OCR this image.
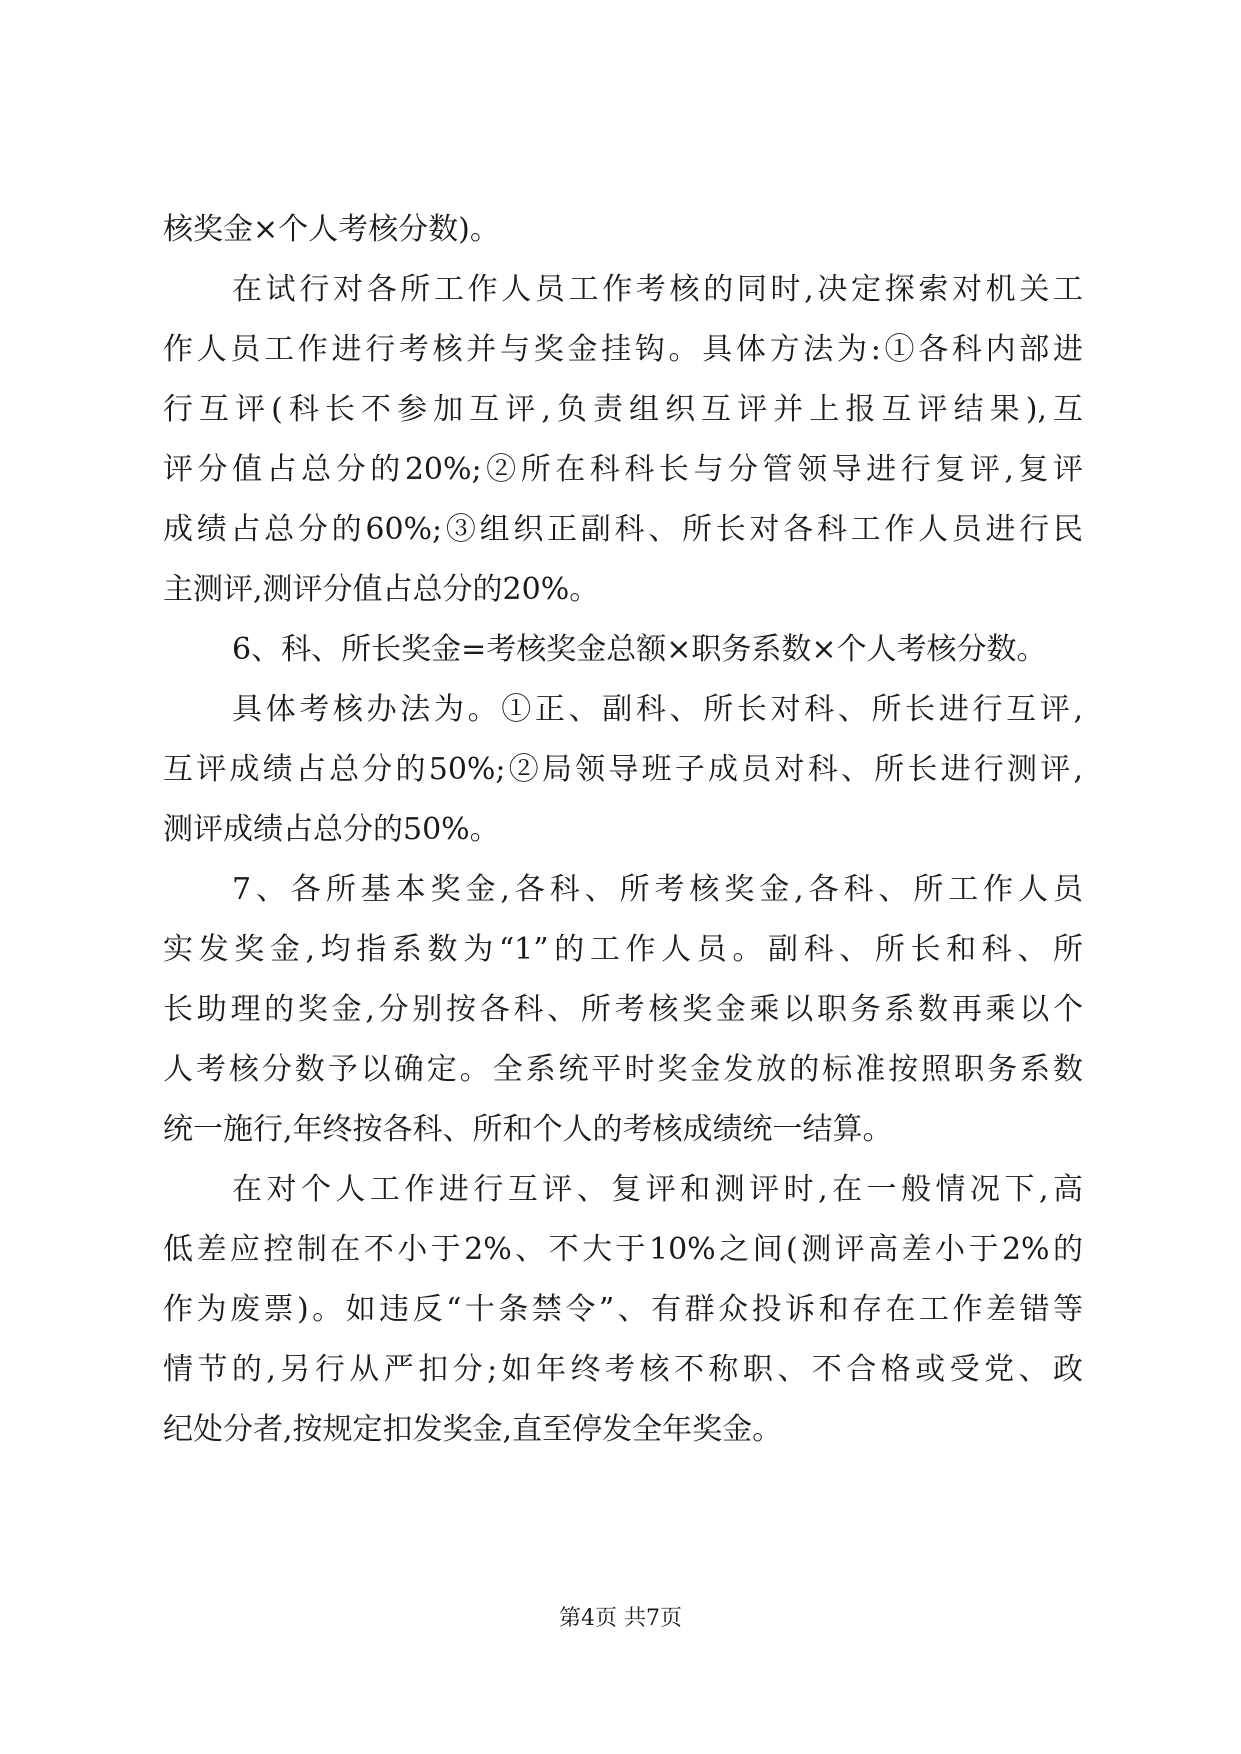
核奖金×个人考核分数)。
在试行对各所工作人员工作考核的同时,决定探索对机关工
作人员工作进行考核并与奖金挂钩。具体方法为:①各科内部进
行互评(科长不参加互评,负责组织互评并上报互评结果),互
评分值占总分的20%;②所在科科长与分管领导进行复评,复评
成绩占总分的60%;③组织正副科、所长对各科工作人员进行民
主测评,测评分值占总分的20%。
6、科、所长奖金=考核奖金总额×职务系数×个人考核分数。
具体考核办法为。①正、副科、所长对科、所长进行互评,
互评成绩占总分的50%;②局领导班子成员对科、所长进行测评,
测评成绩占总分的50%。
7、各所基本奖金,各科、所考核奖金,各科、所工作人员
实发奖金,均指系数为“1”的工作人员。副科、所长和科、所
长助理的奖金,分别按各科、所考核奖金乘以职务系数再乘以个
人考核分数予以确定。全系统平时奖金发放的标准按照职务系数
统一施行,年终按各科、所和个人的考核成绩统一结算。
在对个人工作进行互评、复评和测评时,在一般情况下,高
低差应控制在不小于2%、不大于10%之间(测评高差小于2%的
作为废票)。如违反“十条禁令”、有群众投诉和存在工作差错等
情节的,另行从严扣分;如年终考核不称职、不合格或受党、政
纪处分者,按规定扣发奖金,直至停发全年奖金。
第4页 共7页
